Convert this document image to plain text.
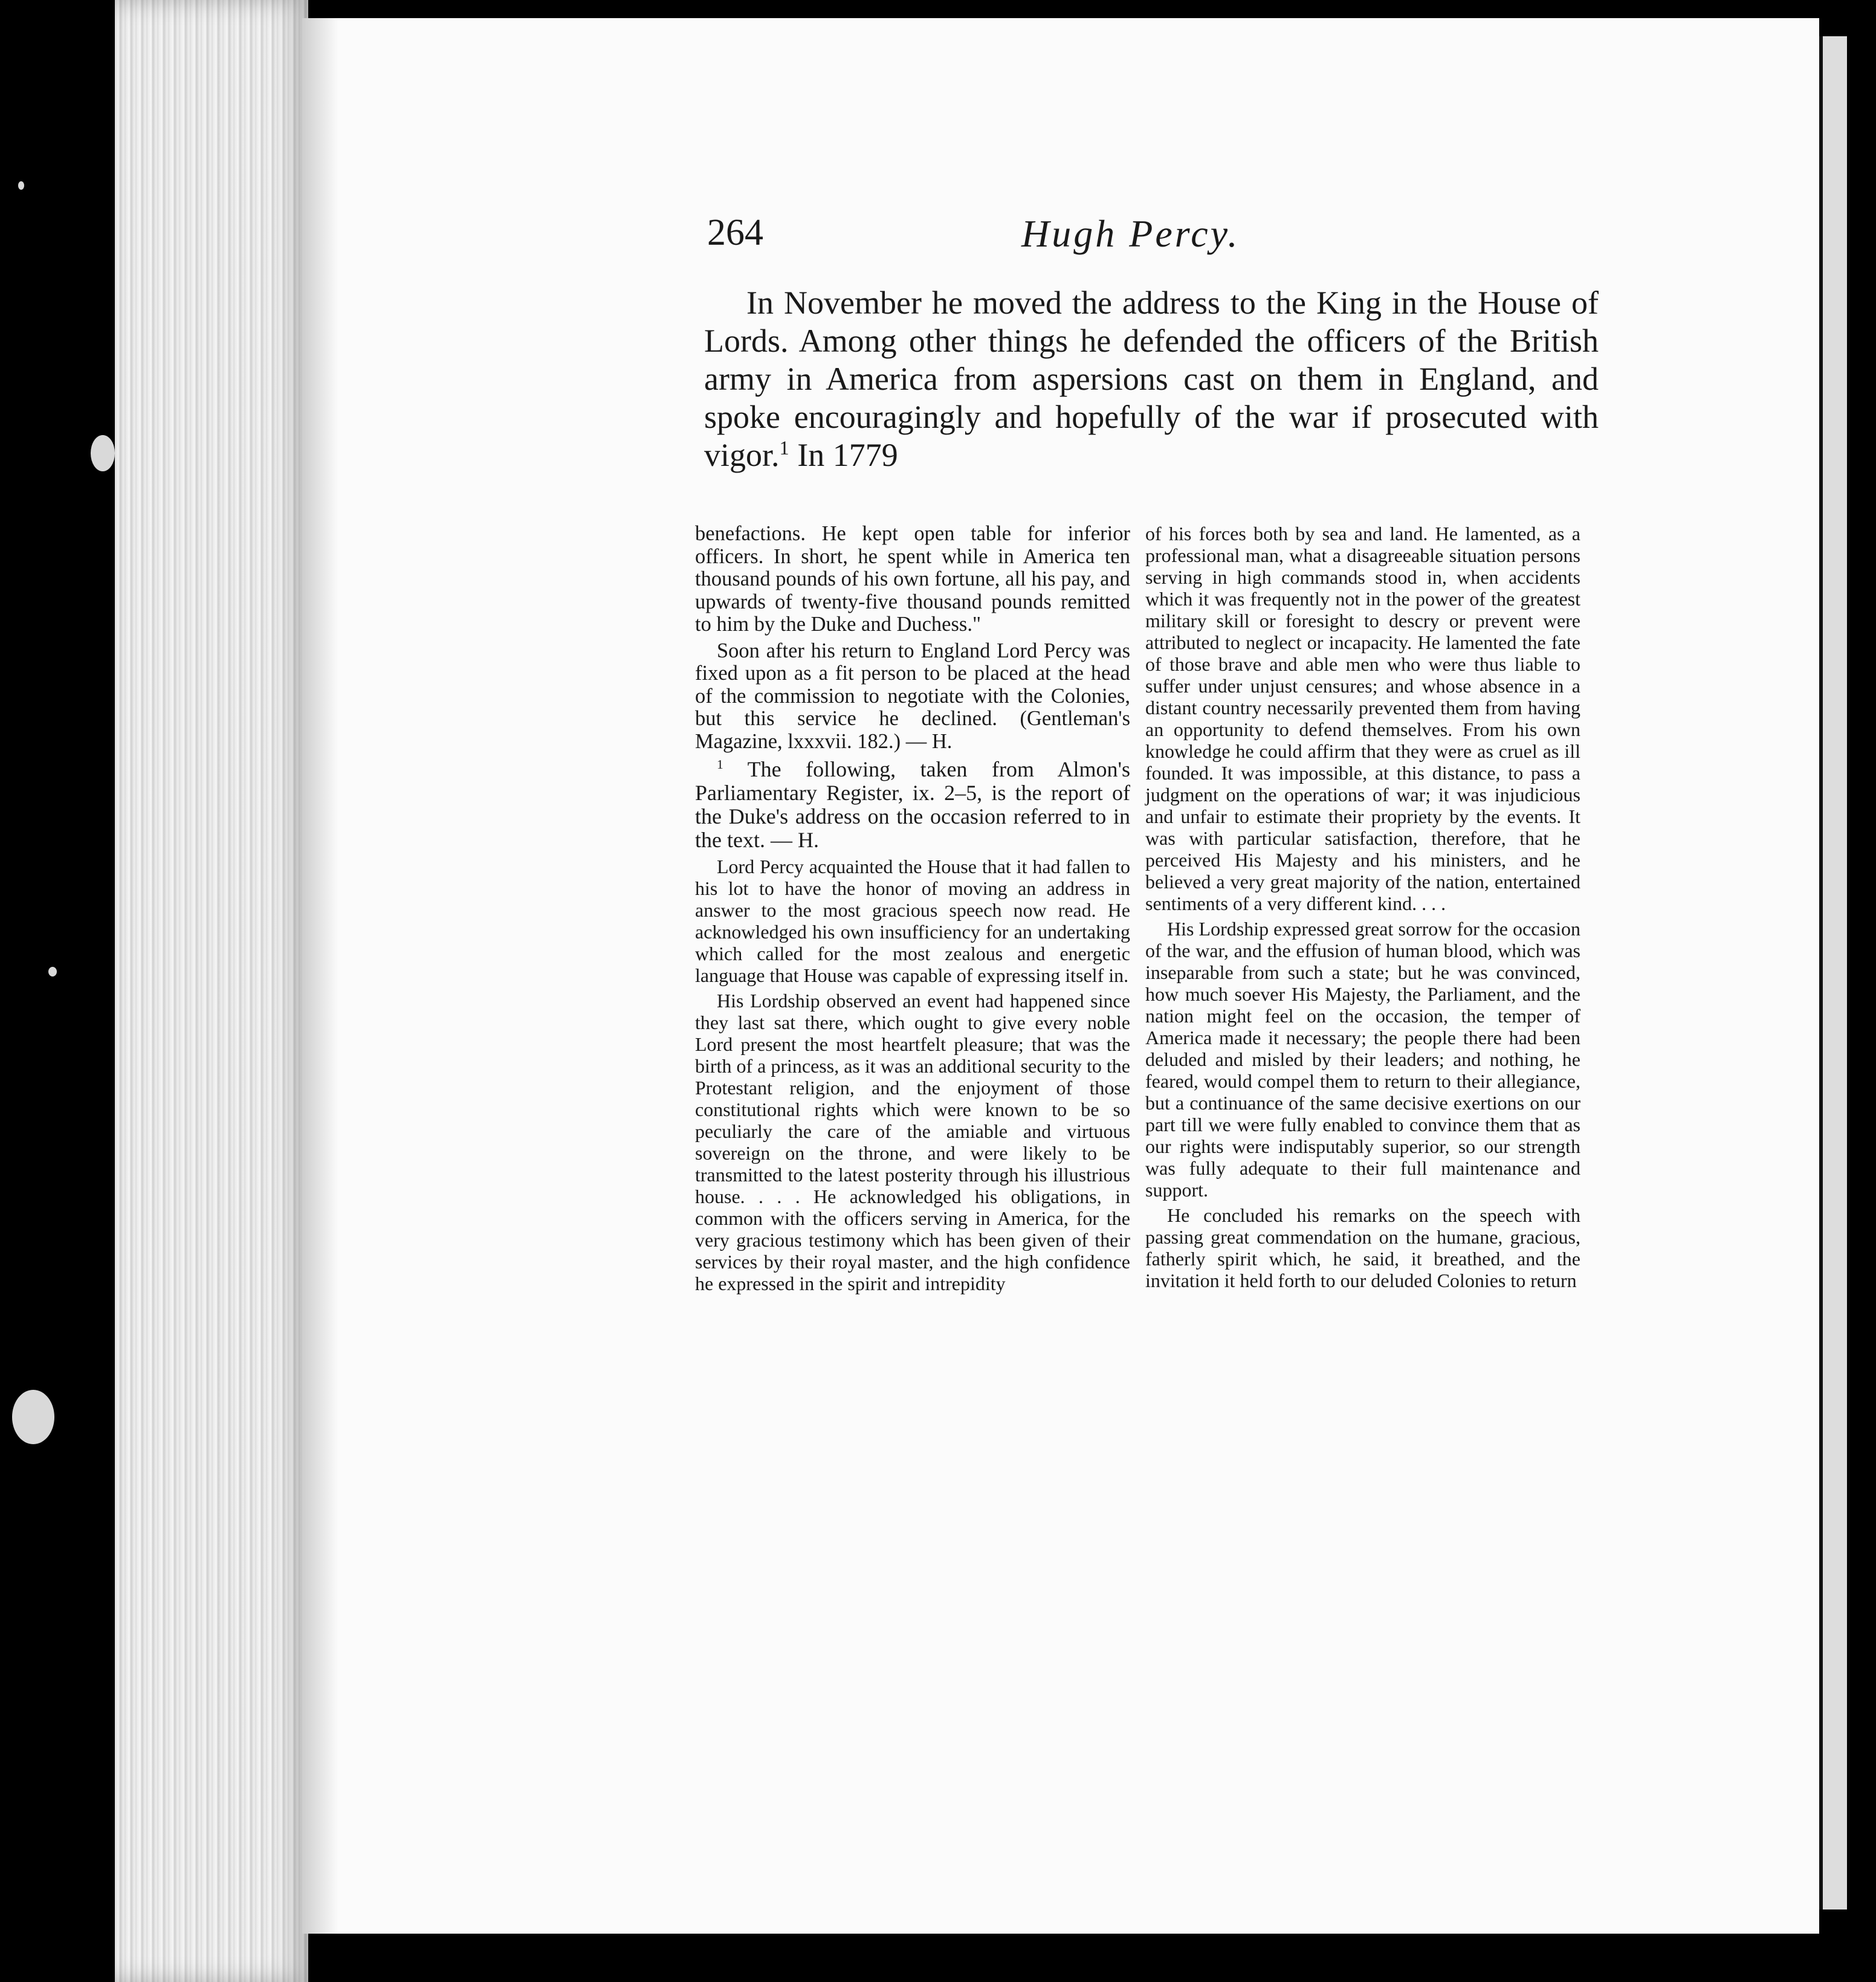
264	Hugh Percy.

In November he moved the address to the King in the House of Lords. Among other things he defended the officers of the British army in America from aspersions cast on them in England, and spoke encouragingly and hopefully of the war if prosecuted with vigor.$^1$ In 1779

benefactions. He kept open table for inferior officers. In short, he spent while in America ten thousand pounds of his own fortune, all his pay, and upwards of twenty-five thousand pounds remitted to him by the Duke and Duchess."

Soon after his return to England Lord Percy was fixed upon as a fit person to be placed at the head of the commission to negotiate with the Colonies, but this service he declined. (Gentleman's Magazine, lxxxvii. 182.) — H.

$^1$ The following, taken from Almon's Parliamentary Register, ix. 2–5, is the report of the Duke's address on the occasion referred to in the text. — H.

Lord Percy acquainted the House that it had fallen to his lot to have the honor of moving an address in answer to the most gracious speech now read. He acknowledged his own insufficiency for an undertaking which called for the most zealous and energetic language that House was capable of expressing itself in.

His Lordship observed an event had happened since they last sat there, which ought to give every noble Lord present the most heartfelt pleasure; that was the birth of a princess, as it was an additional security to the Protestant religion, and the enjoyment of those constitutional rights which were known to be so peculiarly the care of the amiable and virtuous sovereign on the throne, and were likely to be transmitted to the latest posterity through his illustrious house. . . . He acknowledged his obligations, in common with the officers serving in America, for the very gracious testimony which has been given of their services by their royal master, and the high confidence he expressed in the spirit and intrepidity

of his forces both by sea and land. He lamented, as a professional man, what a disagreeable situation persons serving in high commands stood in, when accidents which it was frequently not in the power of the greatest military skill or foresight to descry or prevent were attributed to neglect or incapacity. He lamented the fate of those brave and able men who were thus liable to suffer under unjust censures; and whose absence in a distant country necessarily prevented them from having an opportunity to defend themselves. From his own knowledge he could affirm that they were as cruel as ill founded. It was impossible, at this distance, to pass a judgment on the operations of war; it was injudicious and unfair to estimate their propriety by the events. It was with particular satisfaction, therefore, that he perceived His Majesty and his ministers, and he believed a very great majority of the nation, entertained sentiments of a very different kind. . . .

His Lordship expressed great sorrow for the occasion of the war, and the effusion of human blood, which was inseparable from such a state; but he was convinced, how much soever His Majesty, the Parliament, and the nation might feel on the occasion, the temper of America made it necessary; the people there had been deluded and misled by their leaders; and nothing, he feared, would compel them to return to their allegiance, but a continuance of the same decisive exertions on our part till we were fully enabled to convince them that as our rights were indisputably superior, so our strength was fully adequate to their full maintenance and support.

He concluded his remarks on the speech with passing great commendation on the humane, gracious, fatherly spirit which, he said, it breathed, and the invitation it held forth to our deluded Colonies to return
